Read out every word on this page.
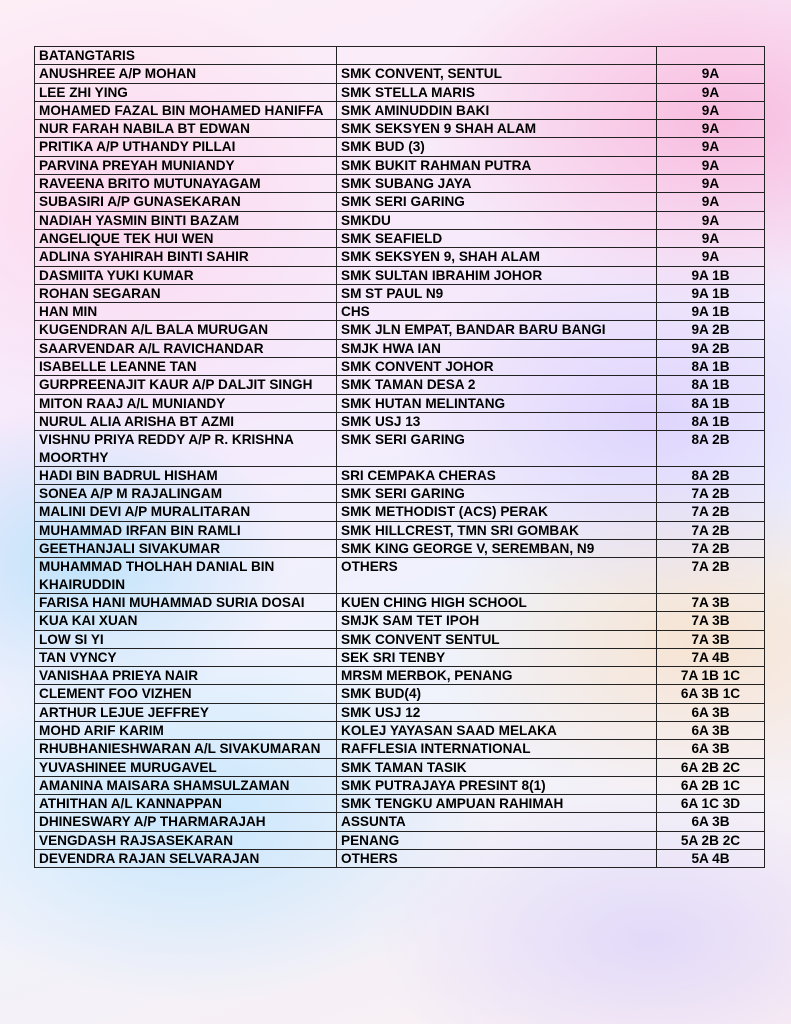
BATANGTARIS		
ANUSHREE A/P MOHAN	SMK CONVENT, SENTUL	9A
LEE ZHI YING	SMK STELLA MARIS	9A
MOHAMED FAZAL BIN MOHAMED HANIFFA	SMK AMINUDDIN BAKI	9A
NUR FARAH NABILA BT EDWAN	SMK SEKSYEN 9 SHAH ALAM	9A
PRITIKA A/P UTHANDY PILLAI	SMK BUD (3)	9A
PARVINA PREYAH MUNIANDY	SMK BUKIT RAHMAN PUTRA	9A
RAVEENA BRITO MUTUNAYAGAM	SMK SUBANG JAYA	9A
SUBASIRI A/P GUNASEKARAN	SMK SERI GARING	9A
NADIAH YASMIN BINTI BAZAM	SMKDU	9A
ANGELIQUE TEK HUI WEN	SMK SEAFIELD	9A
ADLINA SYAHIRAH BINTI SAHIR	SMK SEKSYEN 9, SHAH ALAM	9A
DASMIITA YUKI KUMAR	SMK SULTAN IBRAHIM JOHOR	9A 1B
ROHAN SEGARAN	SM ST PAUL N9	9A 1B
HAN MIN	CHS	9A 1B
KUGENDRAN A/L BALA MURUGAN	SMK JLN EMPAT, BANDAR BARU BANGI	9A 2B
SAARVENDAR A/L RAVICHANDAR	SMJK HWA IAN	9A 2B
ISABELLE LEANNE TAN	SMK CONVENT JOHOR	8A 1B
GURPREENAJIT KAUR A/P DALJIT SINGH	SMK TAMAN DESA 2	8A 1B
MITON RAAJ A/L MUNIANDY	SMK HUTAN MELINTANG	8A 1B
NURUL ALIA ARISHA BT AZMI	SMK USJ 13	8A 1B
VISHNU PRIYA REDDY A/P R. KRISHNA MOORTHY	SMK SERI GARING	8A 2B
HADI BIN BADRUL HISHAM	SRI CEMPAKA CHERAS	8A 2B
SONEA A/P M RAJALINGAM	SMK SERI GARING	7A 2B
MALINI DEVI A/P MURALITARAN	SMK METHODIST (ACS) PERAK	7A 2B
MUHAMMAD IRFAN BIN RAMLI	SMK HILLCREST, TMN SRI GOMBAK	7A 2B
GEETHANJALI SIVAKUMAR	SMK KING GEORGE V, SEREMBAN, N9	7A 2B
MUHAMMAD THOLHAH DANIAL BIN KHAIRUDDIN	OTHERS	7A 2B
FARISA HANI MUHAMMAD SURIA DOSAI	KUEN CHING HIGH SCHOOL	7A 3B
KUA KAI XUAN	SMJK SAM TET IPOH	7A 3B
LOW SI YI	SMK CONVENT SENTUL	7A 3B
TAN VYNCY	SEK SRI TENBY	7A 4B
VANISHAA PRIEYA NAIR	MRSM MERBOK, PENANG	7A 1B 1C
CLEMENT FOO VIZHEN	SMK BUD(4)	6A 3B 1C
ARTHUR LEJUE JEFFREY	SMK USJ 12	6A 3B
MOHD ARIF KARIM	KOLEJ YAYASAN SAAD MELAKA	6A 3B
RHUBHANIESHWARAN A/L SIVAKUMARAN	RAFFLESIA INTERNATIONAL	6A 3B
YUVASHINEE MURUGAVEL	SMK TAMAN TASIK	6A 2B 2C
AMANINA MAISARA SHAMSULZAMAN	SMK PUTRAJAYA PRESINT 8(1)	6A 2B 1C
ATHITHAN A/L KANNAPPAN	SMK TENGKU AMPUAN RAHIMAH	6A 1C 3D
DHINESWARY A/P THARMARAJAH	ASSUNTA	6A 3B
VENGDASH RAJSASEKARAN	PENANG	5A 2B 2C
DEVENDRA RAJAN SELVARAJAN	OTHERS	5A 4B
